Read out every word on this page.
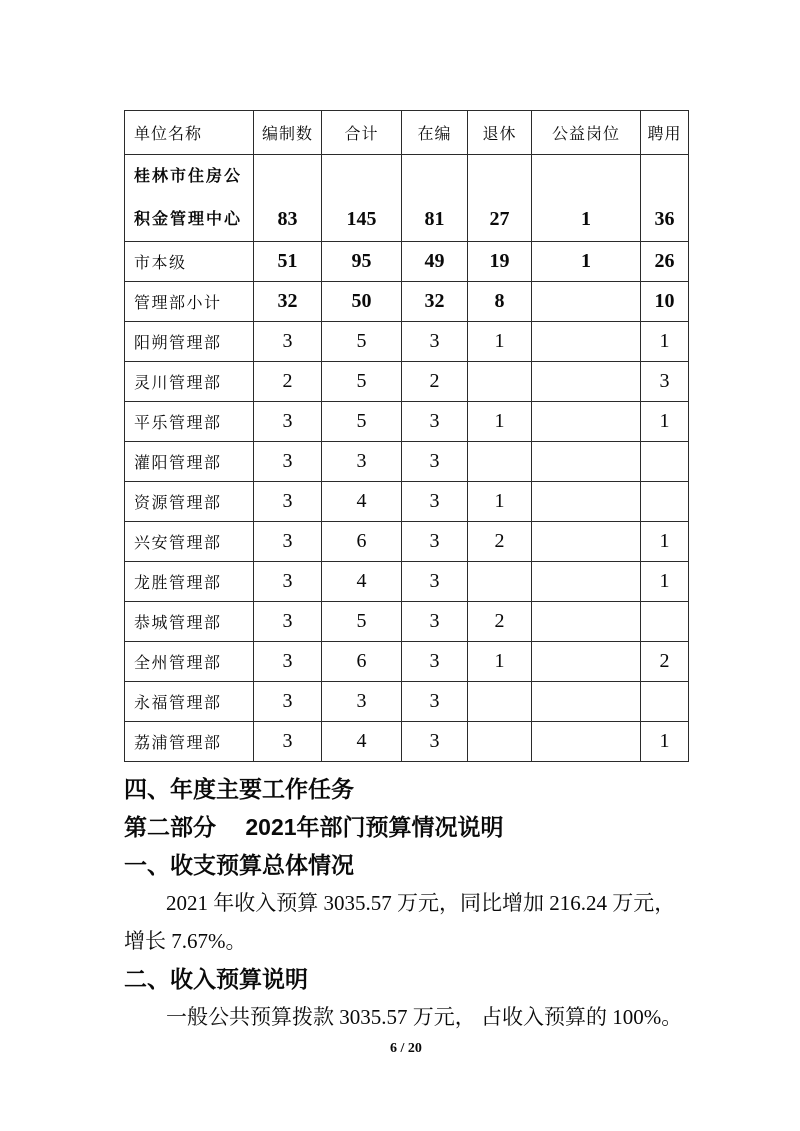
单位名称	编制数	合计	在编	退休	公益岗位	聘用

桂林市住房公
积金管理中心	83	145	81	27	1	36
市本级	51	95	49	19	1	26
管理部小计	32	50	32	8		10
阳朔管理部	3	5	3	1		1
灵川管理部	2	5	2			3
平乐管理部	3	5	3	1		1
灌阳管理部	3	3	3			
资源管理部	3	4	3	1		
兴安管理部	3	6	3	2		1
龙胜管理部	3	4	3			1
恭城管理部	3	5	3	2		
全州管理部	3	6	3	1		2
永福管理部	3	3	3			
荔浦管理部	3	4	3			1
四、年度主要工作任务
第二部分　 2021年部门预算情况说明
一、收支预算总体情况
2021 年收入预算 3035.57 万元，同比增加 216.24 万元，
增长 7.67%。
二、收入预算说明
一般公共预算拨款 3035.57 万元， 占收入预算的 100%。
6 / 20
